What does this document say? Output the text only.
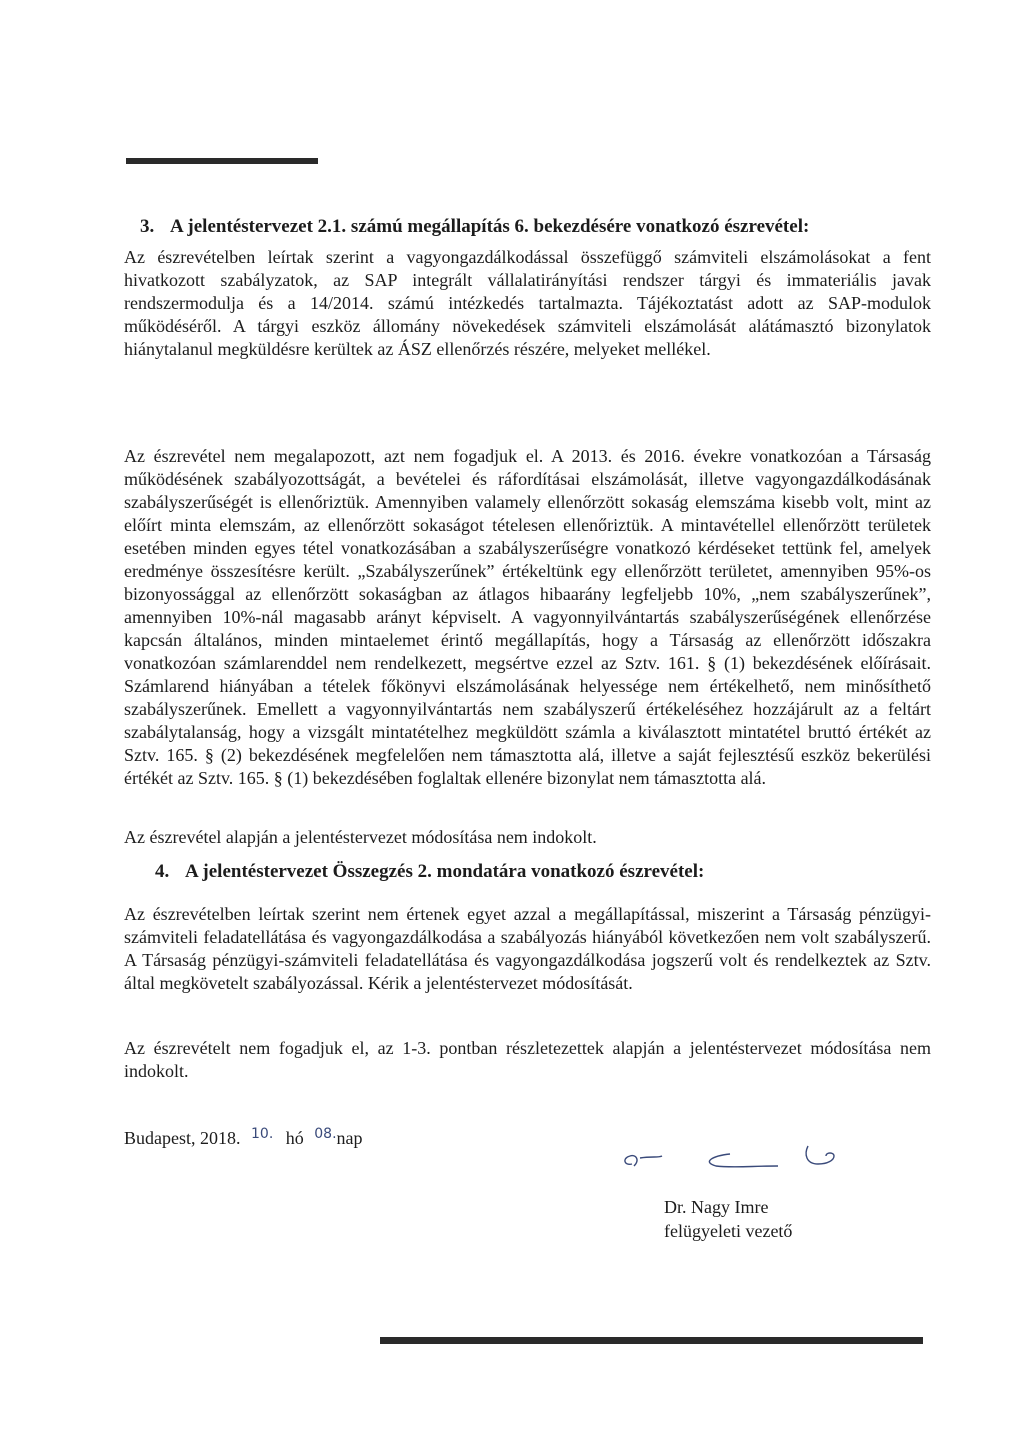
3. A jelentéstervezet 2.1. számú megállapítás 6. bekezdésére vonatkozó észrevétel:

Az észrevételben leírtak szerint a vagyongazdálkodással összefüggő számviteli elszámolásokat a fent hivatkozott szabályzatok, az SAP integrált vállalatirányítási rendszer tárgyi és immateriális javak rendszermodulja és a 14/2014. számú intézkedés tartalmazta. Tájékoztatást adott az SAP-modulok működéséről. A tárgyi eszköz állomány növekedések számviteli elszámolását alátámasztó bizonylatok hiánytalanul megküldésre kerültek az ÁSZ ellenőrzés részére, melyeket mellékel.

Az észrevétel nem megalapozott, azt nem fogadjuk el. A 2013. és 2016. évekre vonatkozóan a Társaság működésének szabályozottságát, a bevételei és ráfordításai elszámolását, illetve vagyongazdálkodásának szabályszerűségét is ellenőriztük. Amennyiben valamely ellenőrzött sokaság elemszáma kisebb volt, mint az előírt minta elemszám, az ellenőrzött sokaságot tételesen ellenőriztük. A mintavétellel ellenőrzött területek esetében minden egyes tétel vonatkozásában a szabályszerűségre vonatkozó kérdéseket tettünk fel, amelyek eredménye összesítésre került. „Szabályszerűnek” értékeltünk egy ellenőrzött területet, amennyiben 95%-os bizonyossággal az ellenőrzött sokaságban az átlagos hibaarány legfeljebb 10%, „nem szabályszerűnek”, amennyiben 10%-nál magasabb arányt képviselt. A vagyonnyilvántartás szabályszerűségének ellenőrzése kapcsán általános, minden mintaelemet érintő megállapítás, hogy a Társaság az ellenőrzött időszakra vonatkozóan számlarenddel nem rendelkezett, megsértve ezzel az Sztv. 161. § (1) bekezdésének előírásait. Számlarend hiányában a tételek főkönyvi elszámolásának helyessége nem értékelhető, nem minősíthető szabályszerűnek. Emellett a vagyonnyilvántartás nem szabályszerű értékeléséhez hozzájárult az a feltárt szabálytalanság, hogy a vizsgált mintatételhez megküldött számla a kiválasztott mintatétel bruttó értékét az Sztv. 165. § (2) bekezdésének megfelelően nem támasztotta alá, illetve a saját fejlesztésű eszköz bekerülési értékét az Sztv. 165. § (1) bekezdésében foglaltak ellenére bizonylat nem támasztotta alá.

Az észrevétel alapján a jelentéstervezet módosítása nem indokolt.

4. A jelentéstervezet Összegzés 2. mondatára vonatkozó észrevétel:

Az észrevételben leírtak szerint nem értenek egyet azzal a megállapítással, miszerint a Társaság pénzügyi-számviteli feladatellátása és vagyongazdálkodása a szabályozás hiányából következően nem volt szabályszerű. A Társaság pénzügyi-számviteli feladatellátása és vagyongazdálkodása jogszerű volt és rendelkeztek az Sztv. által megkövetelt szabályozással. Kérik a jelentéstervezet módosítását.

Az észrevételt nem fogadjuk el, az 1-3. pontban részletezettek alapján a jelentéstervezet módosítása nem indokolt.

Budapest, 2018. $^{10.}$ hó $^{08.}$nap
Dr. Nagy Imre
felügyeleti vezető
